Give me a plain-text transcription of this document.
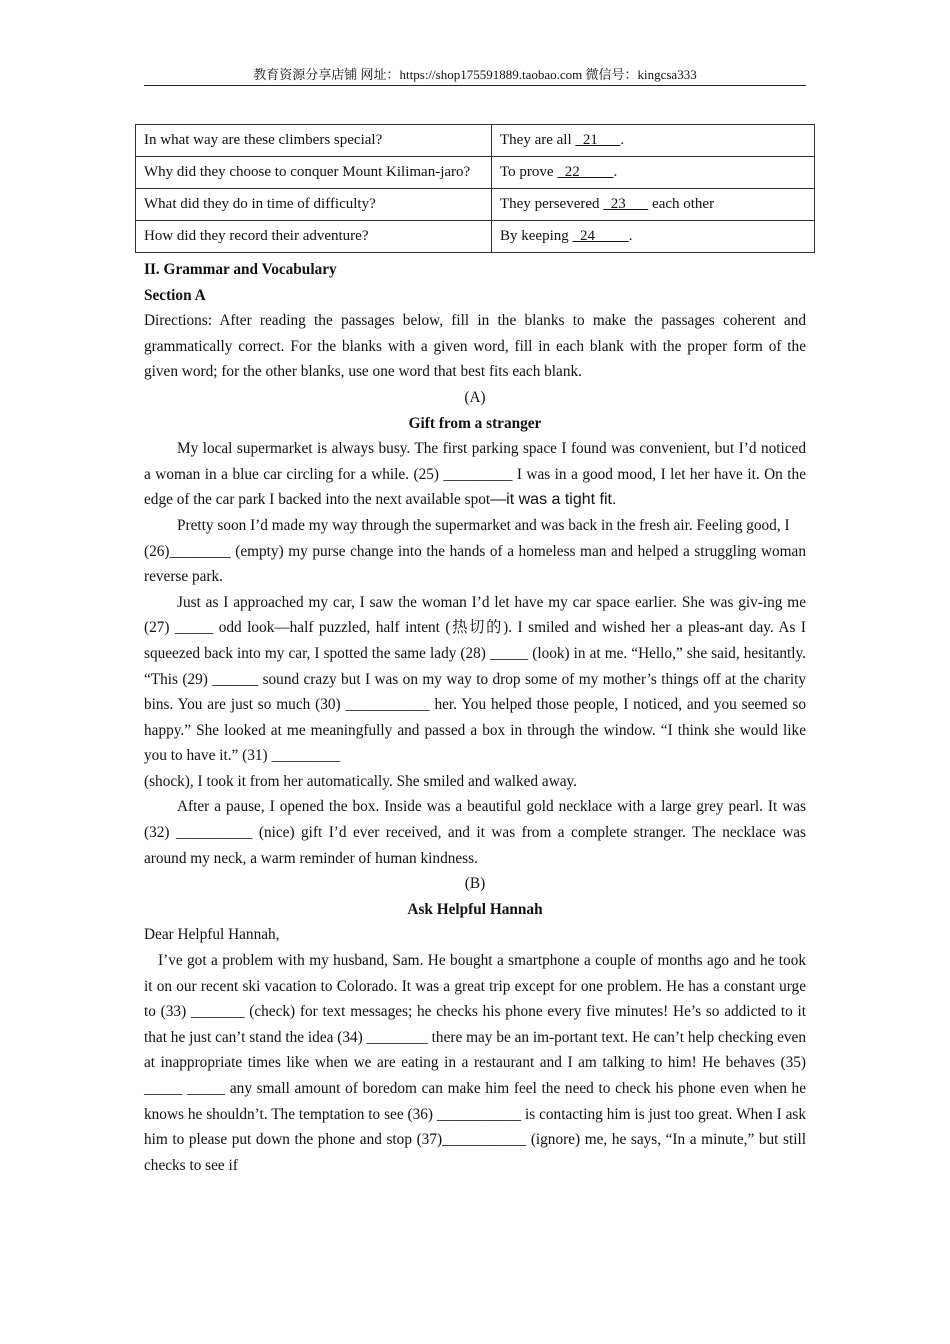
教育资源分享店铺 网址：https://shop175591889.taobao.com 微信号：kingcsa333
In what way are these climbers special?	They are all   21      .
Why did they choose to conquer Mount Kiliman-jaro?	To prove   22         .
What did they do in time of difficulty?	They persevered   23       each other
How did they record their adventure?	By keeping   24         .

II. Grammar and Vocabulary

Section A

Directions: After reading the passages below, fill in the blanks to make the passages coherent and grammatically correct. For the blanks with a given word, fill in each blank with the proper form of the given word; for the other blanks, use one word that best fits each blank.

(A)

Gift from a stranger

My local supermarket is always busy. The first parking space I found was convenient, but I’d noticed a woman in a blue car circling for a while. (25) _________ I was in a good mood, I let her have it. On the edge of the car park I backed into the next available spot—it was a tight fit.

Pretty soon I’d made my way through the supermarket and was back in the fresh air. Feeling good, I

(26)________ (empty) my purse change into the hands of a homeless man and helped a struggling woman reverse park.

Just as I approached my car, I saw the woman I’d let have my car space earlier. She was giv-ing me (27) _____ odd look—half puzzled, half intent (热切的). I smiled and wished her a pleas-ant day. As I squeezed back into my car, I spotted the same lady (28) _____ (look) in at me. “Hello,” she said, hesitantly. “This (29) ______ sound crazy but I was on my way to drop some of my mother’s things off at the charity bins. You are just so much (30) ___________ her. You helped those people, I noticed, and you seemed so happy.” She looked at me meaningfully and passed a box in through the window. “I think she would like you to have it.” (31) _________

(shock), I took it from her automatically. She smiled and walked away.

After a pause, I opened the box. Inside was a beautiful gold necklace with a large grey pearl. It was (32) __________ (nice) gift I’d ever received, and it was from a complete stranger. The necklace was around my neck, a warm reminder of human kindness.

(B)

Ask Helpful Hannah

Dear Helpful Hannah,

I’ve got a problem with my husband, Sam. He bought a smartphone a couple of months ago and he took it on our recent ski vacation to Colorado. It was a great trip except for one problem. He has a constant urge to (33) _______ (check) for text messages; he checks his phone every five minutes! He’s so addicted to it that he just can’t stand the idea (34) ________ there may be an im-portant text. He can’t help checking even at inappropriate times like when we are eating in a restaurant and I am talking to him! He behaves (35) _____ _____ any small amount of boredom can make him feel the need to check his phone even when he knows he shouldn’t. The temptation to see (36) ___________ is contacting him is just too great. When I ask him to please put down the phone and stop (37)___________ (ignore) me, he says, “In a minute,” but still checks to see if
